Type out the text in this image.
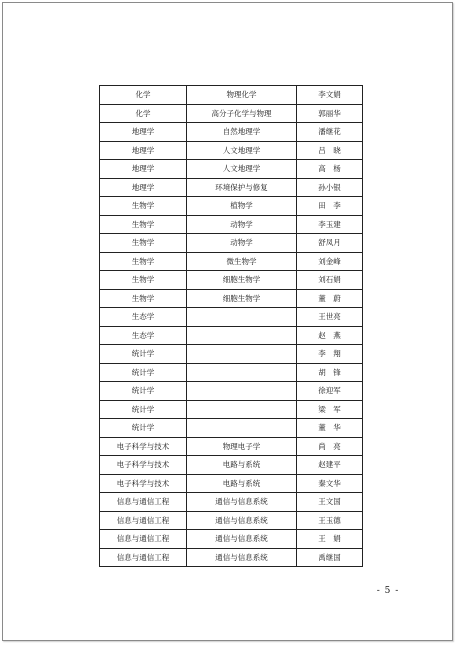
化学	物理化学	李文娟
化学	高分子化学与物理	郭丽华
地理学	自然地理学	潘继花
地理学	人文地理学	吕　晓
地理学	人文地理学	高　杨
地理学	环境保护与修复	孙小银
生物学	植物学	田　李
生物学	动物学	李玉建
生物学	动物学	舒凤月
生物学	微生物学	刘金峰
生物学	细胞生物学	刘石娟
生物学	细胞生物学	董　蔚
生态学		王世亮
生态学		赵　燕
统计学		李　翔
统计学		胡　锋
统计学		徐迎军
统计学		梁　军
统计学		董　华
电子科学与技术	物理电子学	尚　亮
电子科学与技术	电路与系统	赵建平
电子科学与技术	电路与系统	秦文华
信息与通信工程	通信与信息系统	王文国
信息与通信工程	通信与信息系统	王玉德
信息与通信工程	通信与信息系统	王　娟
信息与通信工程	通信与信息系统	禹继国
- 5 -
